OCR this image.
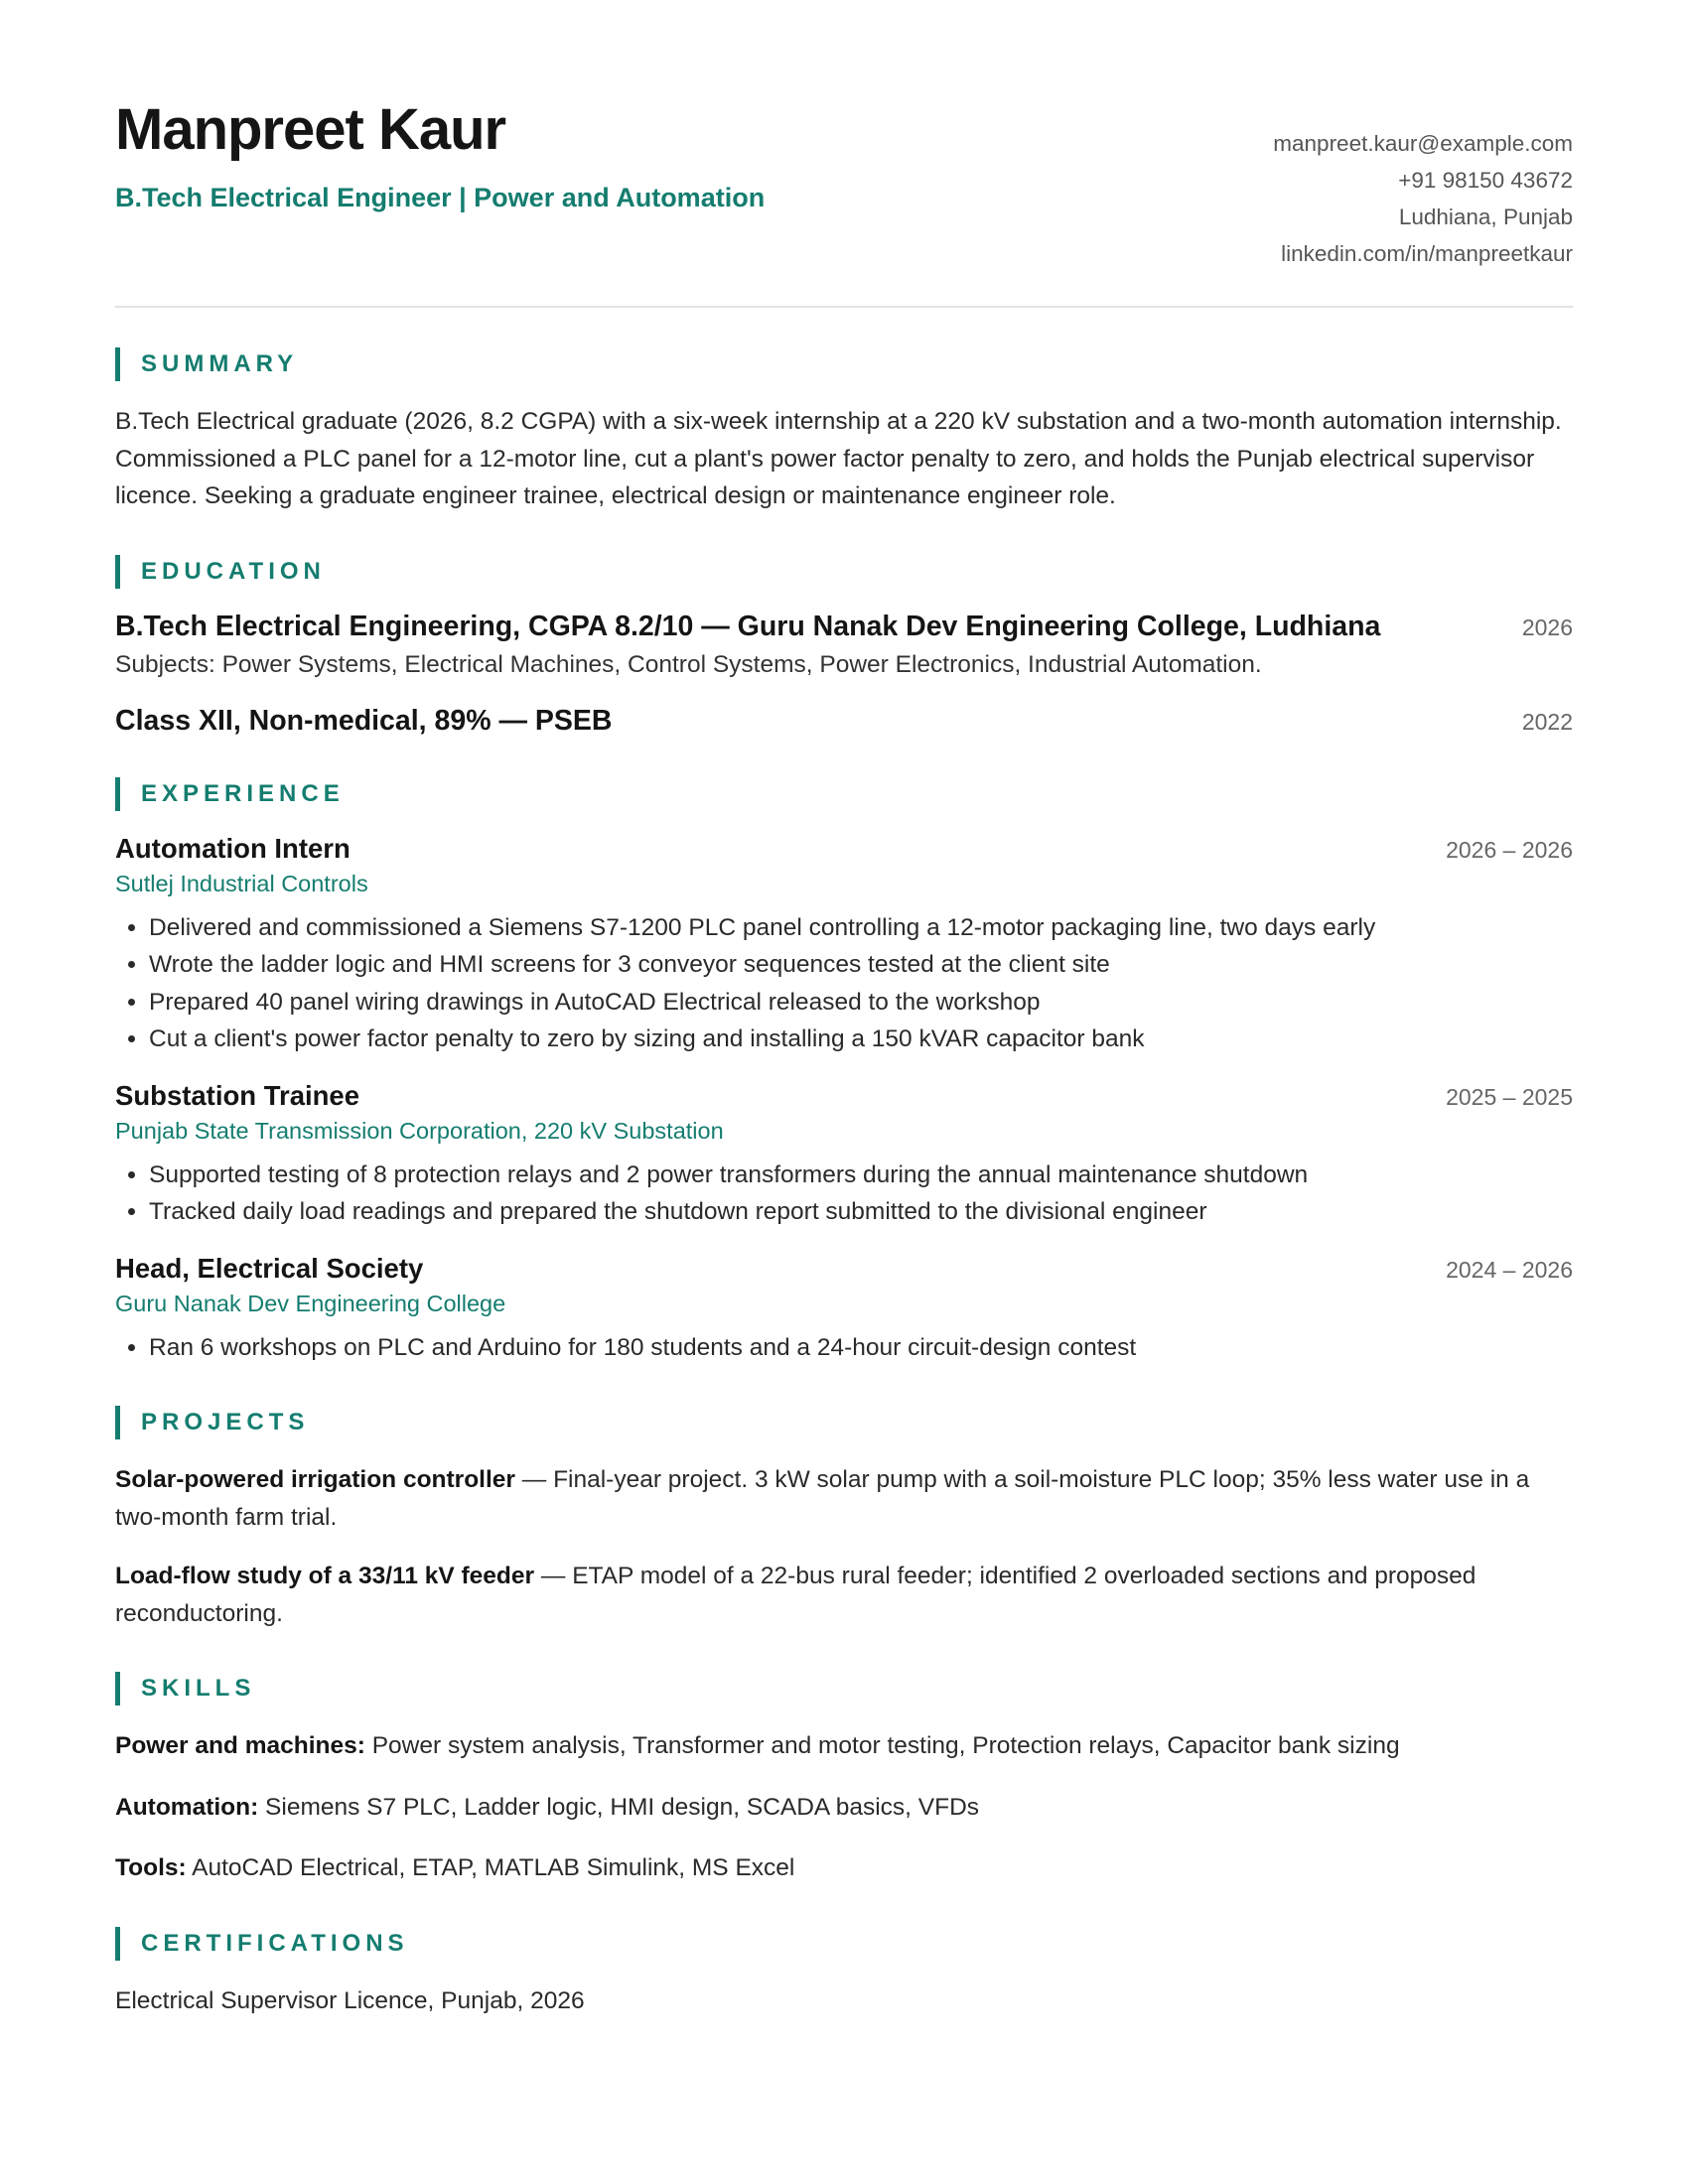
Manpreet Kaur
B.Tech Electrical Engineer | Power and Automation
manpreet.kaur@example.com
+91 98150 43672
Ludhiana, Punjab
linkedin.com/in/manpreetkaur
SUMMARY
B.Tech Electrical graduate (2026, 8.2 CGPA) with a six-week internship at a 220 kV substation and a two-month automation internship. Commissioned a PLC panel for a 12-motor line, cut a plant's power factor penalty to zero, and holds the Punjab electrical supervisor licence. Seeking a graduate engineer trainee, electrical design or maintenance engineer role.
EDUCATION
B.Tech Electrical Engineering, CGPA 8.2/10 — Guru Nanak Dev Engineering College, Ludhiana	2026
Subjects: Power Systems, Electrical Machines, Control Systems, Power Electronics, Industrial Automation.
Class XII, Non-medical, 89% — PSEB	2022
EXPERIENCE
Automation Intern	2026 – 2026
Sutlej Industrial Controls
• Delivered and commissioned a Siemens S7-1200 PLC panel controlling a 12-motor packaging line, two days early
• Wrote the ladder logic and HMI screens for 3 conveyor sequences tested at the client site
• Prepared 40 panel wiring drawings in AutoCAD Electrical released to the workshop
• Cut a client's power factor penalty to zero by sizing and installing a 150 kVAR capacitor bank
Substation Trainee	2025 – 2025
Punjab State Transmission Corporation, 220 kV Substation
• Supported testing of 8 protection relays and 2 power transformers during the annual maintenance shutdown
• Tracked daily load readings and prepared the shutdown report submitted to the divisional engineer
Head, Electrical Society	2024 – 2026
Guru Nanak Dev Engineering College
• Ran 6 workshops on PLC and Arduino for 180 students and a 24-hour circuit-design contest
PROJECTS
Solar-powered irrigation controller — Final-year project. 3 kW solar pump with a soil-moisture PLC loop; 35% less water use in a two-month farm trial.
Load-flow study of a 33/11 kV feeder — ETAP model of a 22-bus rural feeder; identified 2 overloaded sections and proposed reconductoring.
SKILLS
Power and machines: Power system analysis, Transformer and motor testing, Protection relays, Capacitor bank sizing
Automation: Siemens S7 PLC, Ladder logic, HMI design, SCADA basics, VFDs
Tools: AutoCAD Electrical, ETAP, MATLAB Simulink, MS Excel
CERTIFICATIONS
Electrical Supervisor Licence, Punjab, 2026
